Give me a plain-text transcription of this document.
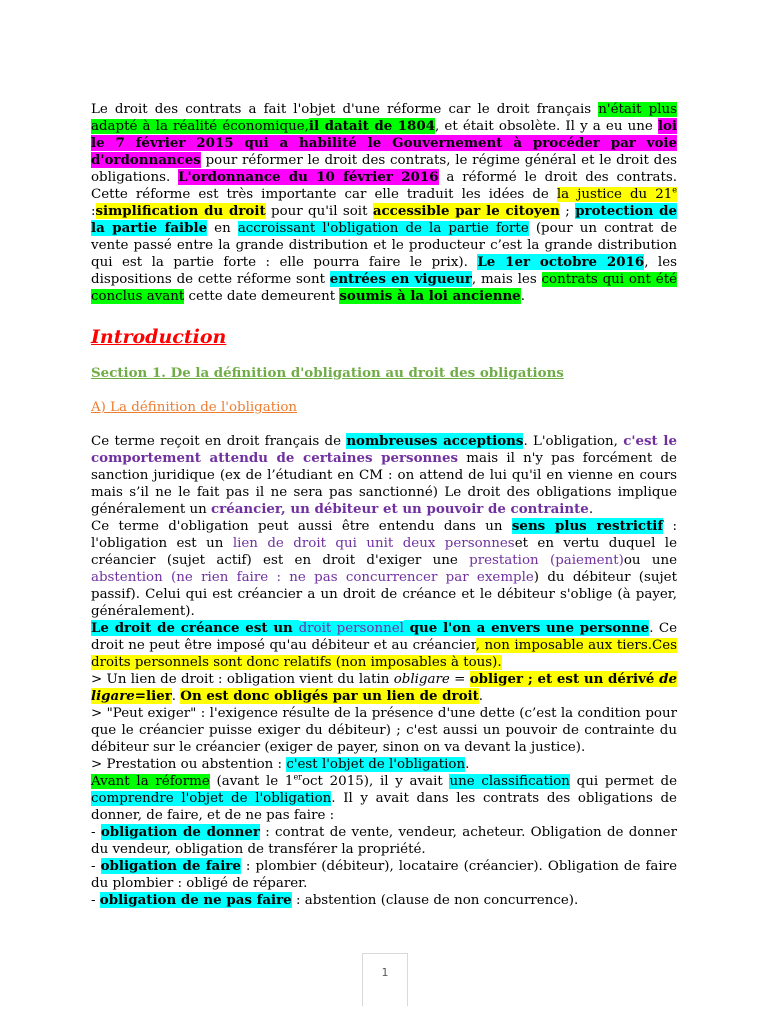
Le droit des contrats a fait l'objet d'une réforme car le droit français n'était plus adapté à la réalité économique,il datait de 1804, et était obsolète. Il y a eu une loi le 7 février 2015 qui a habilité le Gouvernement à procéder par voie d'ordonnances pour réformer le droit des contrats, le régime général et le droit des obligations. L'ordonnance du 10 février 2016 a réformé le droit des contrats. Cette réforme est très importante car elle traduit les idées de la justice du 21e :simplification du droit pour qu'il soit accessible par le citoyen ; protection de la partie faible en accroissant l'obligation de la partie forte (pour un contrat de vente passé entre la grande distribution et le producteur c’est la grande distribution qui est la partie forte : elle pourra faire le prix). Le 1er octobre 2016, les dispositions de cette réforme sont entrées en vigueur, mais les contrats qui ont été conclus avant cette date demeurent soumis à la loi ancienne.

Introduction
Section 1. De la définition d'obligation au droit des obligations
A) La définition de l'obligation

Ce terme reçoit en droit français de nombreuses acceptions. L'obligation, c'est le comportement attendu de certaines personnes mais il n'y pas forcément de sanction juridique (ex de l’étudiant en CM : on attend de lui qu'il en vienne en cours mais s’il ne le fait pas il ne sera pas sanctionné) Le droit des obligations implique généralement un créancier, un débiteur et un pouvoir de contrainte.

Ce terme d'obligation peut aussi être entendu dans un sens plus restrictif : l'obligation est un lien de droit qui unit deux personneset en vertu duquel le créancier (sujet actif) est en droit d'exiger une prestation (paiement)ou une abstention (ne rien faire : ne pas concurrencer par exemple) du débiteur (sujet passif). Celui qui est créancier a un droit de créance et le débiteur s'oblige (à payer, généralement).

Le droit de créance est un droit personnel que l'on a envers une personne. Ce droit ne peut être imposé qu'au débiteur et au créancier, non imposable aux tiers.Ces droits personnels sont donc relatifs (non imposables à tous).

> Un lien de droit : obligation vient du latin obligare = obliger ; et est un dérivé de ligare=lier. On est donc obligés par un lien de droit.

> "Peut exiger" : l'exigence résulte de la présence d'une dette (c’est la condition pour que le créancier puisse exiger du débiteur) ; c'est aussi un pouvoir de contrainte du débiteur sur le créancier (exiger de payer, sinon on va devant la justice).

> Prestation ou abstention : c'est l'objet de l'obligation.

Avant la réforme (avant le 1eroct 2015), il y avait une classification qui permet de comprendre l'objet de l'obligation. Il y avait dans les contrats des obligations de donner, de faire, et de ne pas faire :

- obligation de donner : contrat de vente, vendeur, acheteur. Obligation de donner du vendeur, obligation de transférer la propriété.

- obligation de faire : plombier (débiteur), locataire (créancier). Obligation de faire du plombier : obligé de réparer.

- obligation de ne pas faire : abstention (clause de non concurrence).

1
